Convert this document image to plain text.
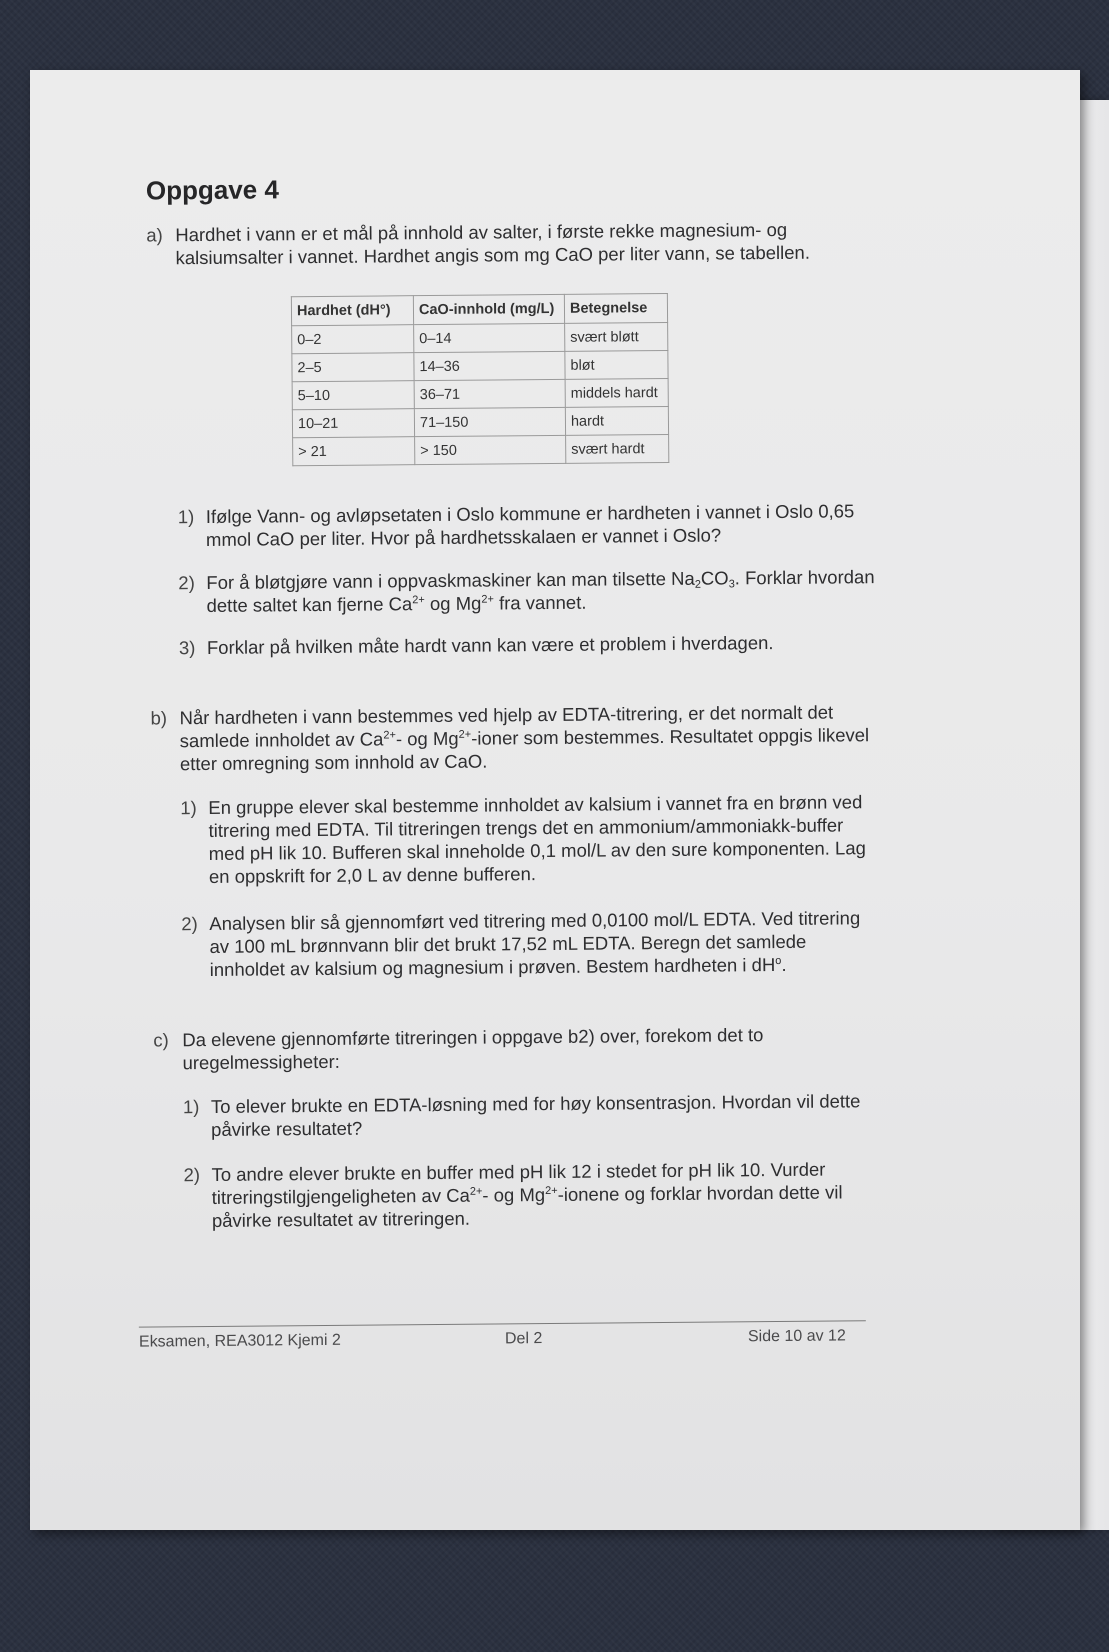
Oppgave 4
a) Hardhet i vann er et mål på innhold av salter, i første rekke magnesium- og
kalsiumsalter i vannet. Hardhet angis som mg CaO per liter vann, se tabellen.
Hardhet (dH°)	CaO-innhold (mg/L)	Betegnelse
0–2	0–14	svært bløtt
2–5	14–36	bløt
5–10	36–71	middels hardt
10–21	71–150	hardt
> 21	> 150	svært hardt
1) Ifølge Vann- og avløpsetaten i Oslo kommune er hardheten i vannet i Oslo 0,65
mmol CaO per liter. Hvor på hardhetsskalaen er vannet i Oslo?
2) For å bløtgjøre vann i oppvaskmaskiner kan man tilsette $Na_2CO_3$. Forklar hvordan
dette saltet kan fjerne $Ca^{2+}$ og $Mg^{2+}$ fra vannet.
3) Forklar på hvilken måte hardt vann kan være et problem i hverdagen.
b) Når hardheten i vann bestemmes ved hjelp av EDTA-titrering, er det normalt det
samlede innholdet av $Ca^{2+}-$ og $Mg^{2+}$-ioner som bestemmes. Resultatet oppgis likevel
etter omregning som innhold av CaO.
1) En gruppe elever skal bestemme innholdet av kalsium i vannet fra en brønn ved
titrering med EDTA. Til titreringen trengs det en ammonium/ammoniakk-buffer
med pH lik 10. Bufferen skal inneholde 0,1 mol/L av den sure komponenten. Lag
en oppskrift for 2,0 L av denne bufferen.
2) Analysen blir så gjennomført ved titrering med 0,0100 mol/L EDTA. Ved titrering
av 100 mL brønnvann blir det brukt 17,52 mL EDTA. Beregn det samlede
innholdet av kalsium og magnesium i prøven. Bestem hardheten i $dH^o$.
c) Da elevene gjennomførte titreringen i oppgave b2) over, forekom det to
uregelmessigheter:
1) To elever brukte en EDTA-løsning med for høy konsentrasjon. Hvordan vil dette
påvirke resultatet?
2) To andre elever brukte en buffer med pH lik 12 i stedet for pH lik 10. Vurder
titreringstilgjengeligheten av $Ca^{2+}-$ og $Mg^{2+}$-ionene og forklar hvordan dette vil
påvirke resultatet av titreringen.
Eksamen, REA3012 Kjemi 2	Del 2	Side 10 av 12
